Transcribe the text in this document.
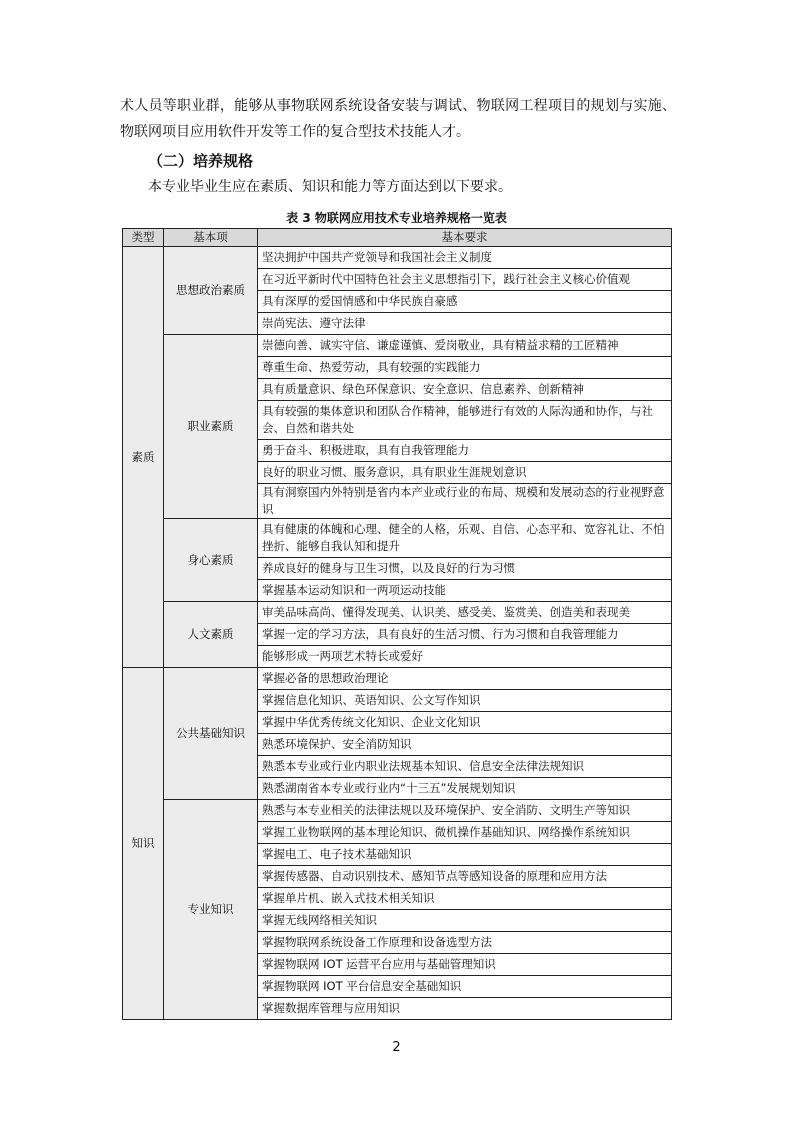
术人员等职业群，能够从事物联网系统设备安装与调试、物联网工程项目的规划与实施、物联网项目应用软件开发等工作的复合型技术技能人才。
（二）培养规格
本专业毕业生应在素质、知识和能力等方面达到以下要求。
表 3 物联网应用技术专业培养规格一览表
类型	基本项	基本要求
素质	思想政治素质	坚决拥护中国共产党领导和我国社会主义制度
		在习近平新时代中国特色社会主义思想指引下，践行社会主义核心价值观
		具有深厚的爱国情感和中华民族自豪感
		崇尚宪法、遵守法律
	职业素质	崇德向善、诚实守信、谦虚谨慎、爱岗敬业，具有精益求精的工匠精神
		尊重生命、热爱劳动，具有较强的实践能力
		具有质量意识、绿色环保意识、安全意识、信息素养、创新精神
		具有较强的集体意识和团队合作精神，能够进行有效的人际沟通和协作，与社会、自然和谐共处
		勇于奋斗、积极进取，具有自我管理能力
		良好的职业习惯、服务意识，具有职业生涯规划意识
		具有洞察国内外特别是省内本产业或行业的布局、规模和发展动态的行业视野意识
	身心素质	具有健康的体魄和心理、健全的人格，乐观、自信、心态平和、宽容礼让、不怕挫折、能够自我认知和提升
		养成良好的健身与卫生习惯，以及良好的行为习惯
		掌握基本运动知识和一两项运动技能
	人文素质	审美品味高尚、懂得发现美、认识美、感受美、鉴赏美、创造美和表现美
		掌握一定的学习方法，具有良好的生活习惯、行为习惯和自我管理能力
		能够形成一两项艺术特长或爱好
知识	公共基础知识	掌握必备的思想政治理论
		掌握信息化知识、英语知识、公文写作知识
		掌握中华优秀传统文化知识、企业文化知识
		熟悉环境保护、安全消防知识
		熟悉本专业或行业内职业法规基本知识、信息安全法律法规知识
		熟悉湖南省本专业或行业内“十三五”发展规划知识
	专业知识	熟悉与本专业相关的法律法规以及环境保护、安全消防、文明生产等知识
		掌握工业物联网的基本理论知识、微机操作基础知识、网络操作系统知识
		掌握电工、电子技术基础知识
		掌握传感器、自动识别技术、感知节点等感知设备的原理和应用方法
		掌握单片机、嵌入式技术相关知识
		掌握无线网络相关知识
		掌握物联网系统设备工作原理和设备选型方法
		掌握物联网 IOT 运营平台应用与基础管理知识
		掌握物联网 IOT 平台信息安全基础知识
		掌握数据库管理与应用知识
2
